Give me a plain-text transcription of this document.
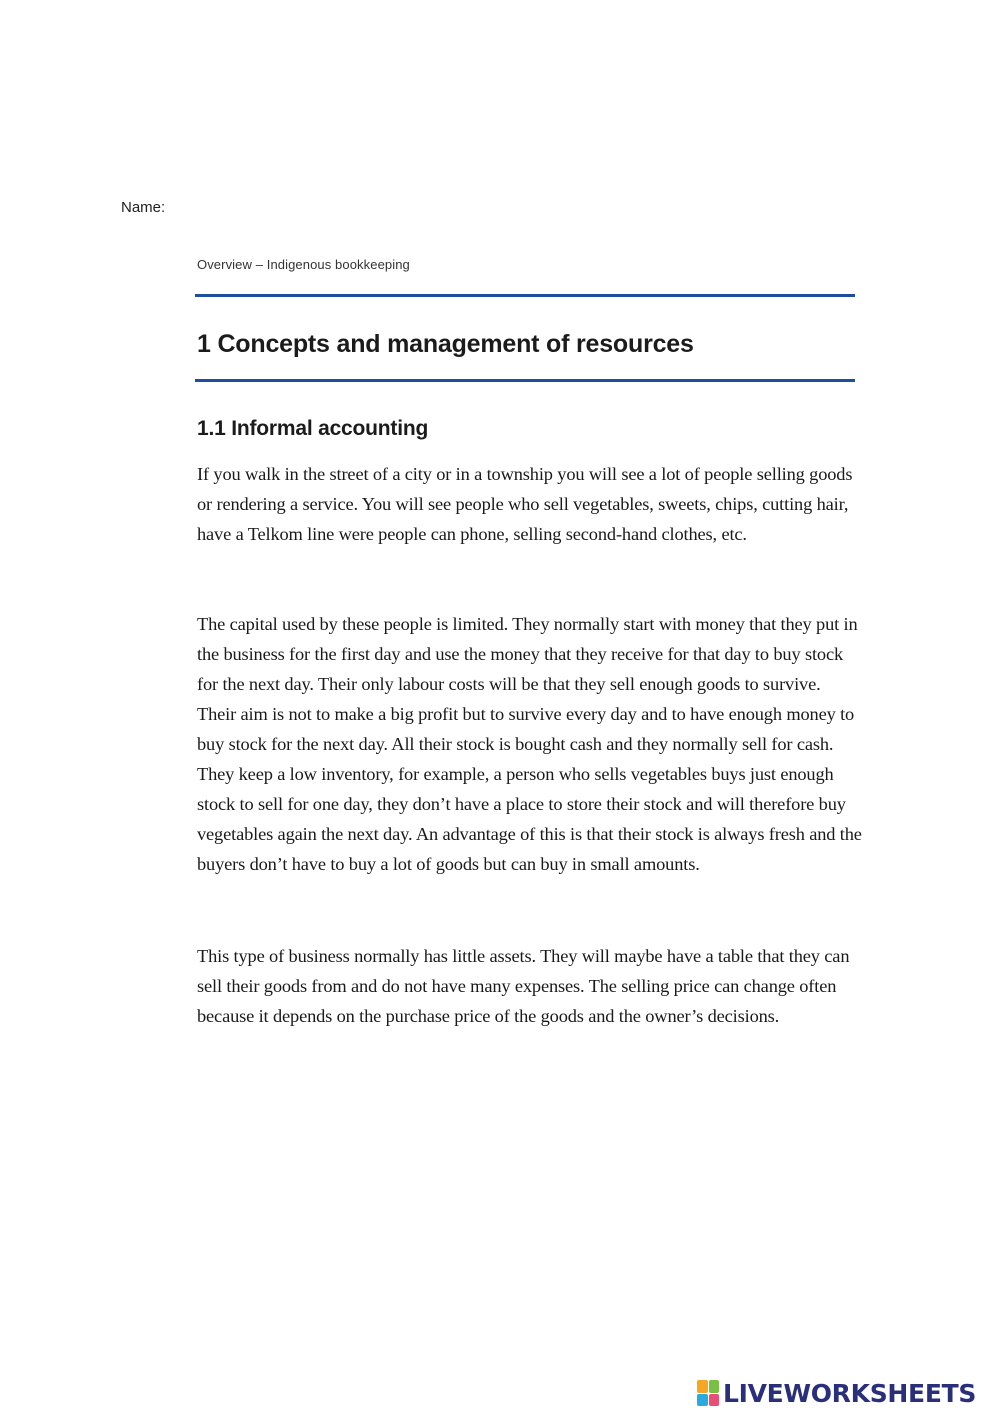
Name:
Overview – Indigenous bookkeeping
1 Concepts and management of resources
1.1 Informal accounting

If you walk in the street of a city or in a township you will see a lot of people selling goods or rendering a service. You will see people who sell vegetables, sweets, chips, cutting hair, have a Telkom line were people can phone, selling second-hand clothes, etc.

The capital used by these people is limited. They normally start with money that they put in the business for the first day and use the money that they receive for that day to buy stock for the next day. Their only labour costs will be that they sell enough goods to survive. Their aim is not to make a big profit but to survive every day and to have enough money to buy stock for the next day. All their stock is bought cash and they normally sell for cash. They keep a low inventory, for example, a person who sells vegetables buys just enough stock to sell for one day, they don’t have a place to store their stock and will therefore buy vegetables again the next day. An advantage of this is that their stock is always fresh and the buyers don’t have to buy a lot of goods but can buy in small amounts.

This type of business normally has little assets. They will maybe have a table that they can sell their goods from and do not have many expenses. The selling price can change often because it depends on the purchase price of the goods and the owner’s decisions.

LIVEWORKSHEETS
